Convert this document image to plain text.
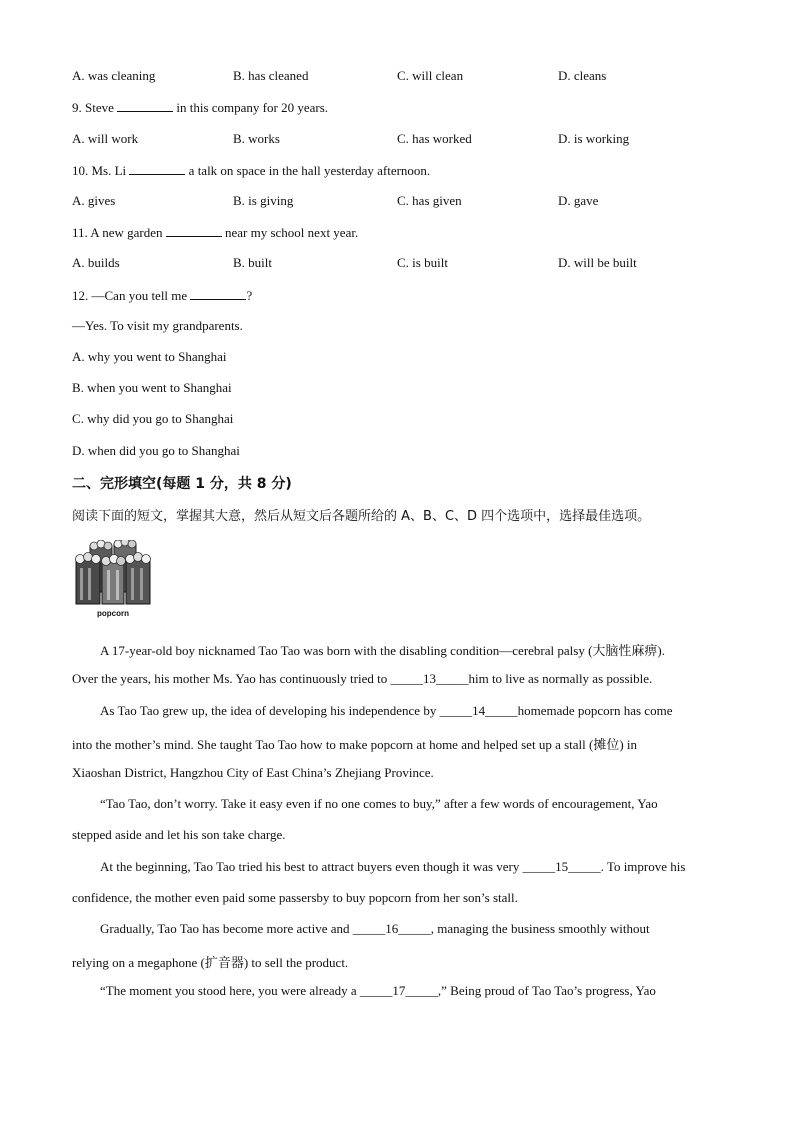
A. was cleaning	B. has cleaned	C. will clean	D. cleans
9. Steve	in this company for 20 years.
A. will work	B. works	C. has worked	D. is working
10. Ms. Li	a talk on space in the hall yesterday afternoon.
A. gives	B. is giving	C. has given	D. gave
11. A new garden	near my school next year.
A. builds	B. built	C. is built	D. will be built
12. —Can you tell me	?
—Yes. To visit my grandparents.
A. why you went to Shanghai
B. when you went to Shanghai
C. why did you go to Shanghai
D. when did you go to Shanghai
二、完形填空(每题 1 分，共 8 分)
阅读下面的短文，掌握其大意，然后从短文后各题所给的 A、B、C、D 四个选项中，选择最佳选项。
popcorn
A 17-year-old boy nicknamed Tao Tao was born with the disabling condition—cerebral palsy (大脑性麻痹).
Over the years, his mother Ms. Yao has continuously tried to _____13_____him to live as normally as possible.
As Tao Tao grew up, the idea of developing his independence by _____14_____homemade popcorn has come
into the mother’s mind. She taught Tao Tao how to make popcorn at home and helped set up a stall (摊位) in
Xiaoshan District, Hangzhou City of East China’s Zhejiang Province.
“Tao Tao, don’t worry. Take it easy even if no one comes to buy,” after a few words of encouragement, Yao
stepped aside and let his son take charge.
At the beginning, Tao Tao tried his best to attract buyers even though it was very _____15_____. To improve his
confidence, the mother even paid some passersby to buy popcorn from her son’s stall.
Gradually, Tao Tao has become more active and _____16_____, managing the business smoothly without
relying on a megaphone (扩音器) to sell the product.
“The moment you stood here, you were already a _____17_____,” Being proud of Tao Tao’s progress, Yao
